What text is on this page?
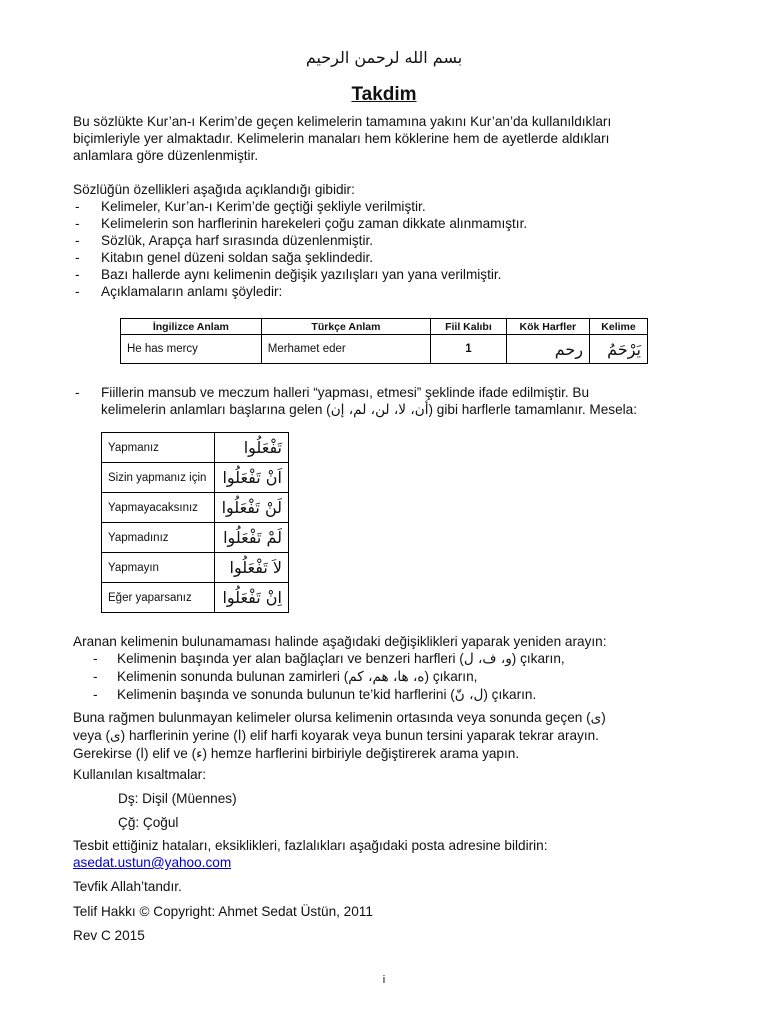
بسم الله لرحمن الرحيم
Takdim
Bu sözlükte Kur’an-ı Kerim’de geçen kelimelerin tamamına yakını Kur’an’da kullanıldıkları
biçimleriyle yer almaktadır. Kelimelerin manaları hem köklerine hem de ayetlerde aldıkları
anlamlara göre düzenlenmiştir.
Sözlüğün özellikleri aşağıda açıklandığı gibidir:
- Kelimeler, Kur’an-ı Kerim’de geçtiği şekliyle verilmiştir.
- Kelimelerin son harflerinin harekeleri çoğu zaman dikkate alınmamıştır.
- Sözlük, Arapça harf sırasında düzenlenmiştir.
- Kitabın genel düzeni soldan sağa şeklindedir.
- Bazı hallerde aynı kelimenin değişik yazılışları yan yana verilmiştir.
- Açıklamaların anlamı şöyledir:
İngilizce Anlam	Türkçe Anlam	Fiil Kalıbı	Kök Harfler	Kelime
He has mercy	Merhamet eder	1	رحم	يَرْحَمُ
- Fiillerin mansub ve meczum halleri “yapması, etmesi” şeklinde ifade edilmiştir. Bu
kelimelerin anlamları başlarına gelen (أن، لا، لن، لم، إن) gibi harflerle tamamlanır. Mesela:
Yapmanız	تَفْعَلُوا
Sizin yapmanız için	اَنْ تَفْعَلُوا
Yapmayacaksınız	لَنْ تَفْعَلُوا
Yapmadınız	لَمْ تَفْعَلُوا
Yapmayın	لاَ تَفْعَلُوا
Eğer yaparsanız	اِنْ تَفْعَلُوا
Aranan kelimenin bulunamaması halinde aşağıdaki değişiklikleri yaparak yeniden arayın:
- Kelimenin başında yer alan bağlaçları ve benzeri harfleri (و، ف، ل) çıkarın,
- Kelimenin sonunda bulunan zamirleri (ه، ها، هم، كم) çıkarın,
- Kelimenin başında ve sonunda bulunun te’kid harflerini (ل، نّ) çıkarın.
Buna rağmen bulunmayan kelimeler olursa kelimenin ortasında veya sonunda geçen (ى)
veya (ى) harflerinin yerine (ا) elif harfi koyarak veya bunun tersini yaparak tekrar arayın.
Gerekirse (ا) elif ve (ء) hemze harflerini birbiriyle değiştirerek arama yapın.
Kullanılan kısaltmalar:
Dş: Dişil (Müennes)
Çğ: Çoğul
Tesbit ettiğiniz hataları, eksiklikleri, fazlalıkları aşağıdaki posta adresine bildirin:
asedat.ustun@yahoo.com
Tevfik Allah’tandır.
Telif Hakkı © Copyright: Ahmet Sedat Üstün, 2011
Rev C 2015
i
